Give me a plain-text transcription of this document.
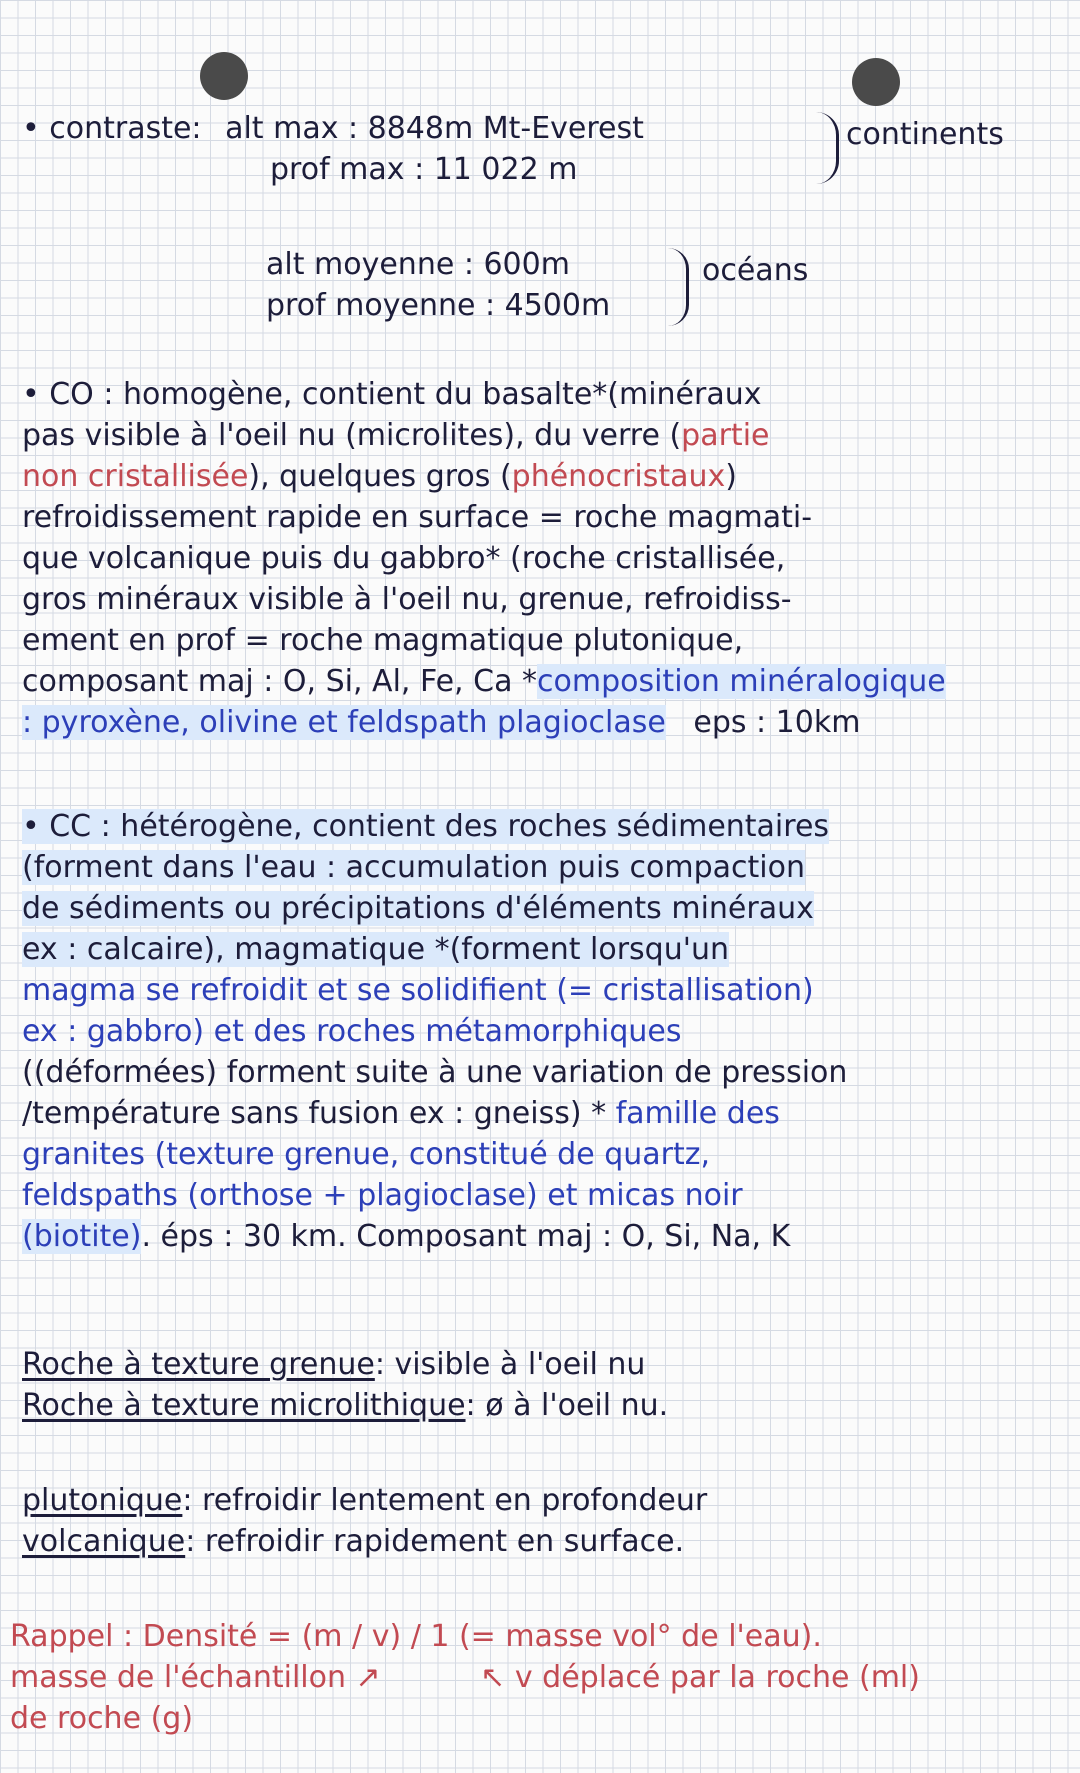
• contraste: alt max : 8848m Mt-Everest
prof max : 11 022 m
continents
alt moyenne : 600m
prof moyenne : 4500m
océans
• CO : homogène, contient du basalte*(minéraux
pas visible à l'oeil nu (microlites), du verre (partie
non cristallisée), quelques gros (phénocristaux)
refroidissement rapide en surface = roche magmati-
que volcanique puis du gabbro* (roche cristallisée,
gros minéraux visible à l'oeil nu, grenue, refroidiss-
ement en prof = roche magmatique plutonique,
composant maj : O, Si, Al, Fe, Ca *composition minéralogique
: pyroxène, olivine et feldspath plagioclase eps : 10km
• CC : hétérogène, contient des roches sédimentaires
(forment dans l'eau : accumulation puis compaction
de sédiments ou précipitations d'éléments minéraux
ex : calcaire), magmatique *(forment lorsqu'un
magma se refroidit et se solidifient (= cristallisation)
ex : gabbro) et des roches métamorphiques
((déformées) forment suite à une variation de pression
/température sans fusion ex : gneiss) * famille des
granites (texture grenue, constitué de quartz,
feldspaths (orthose + plagioclase) et micas noir
(biotite). éps : 30 km. Composant maj : O, Si, Na, K
Roche à texture grenue: visible à l'oeil nu
Roche à texture microlithique: ø à l'oeil nu.
plutonique: refroidir lentement en profondeur
volcanique: refroidir rapidement en surface.
Rappel : Densité = (m / v) / 1 (= masse vol° de l'eau).
masse de l'échantillon ↗	↖ v déplacé par la roche (ml)
de roche (g)
